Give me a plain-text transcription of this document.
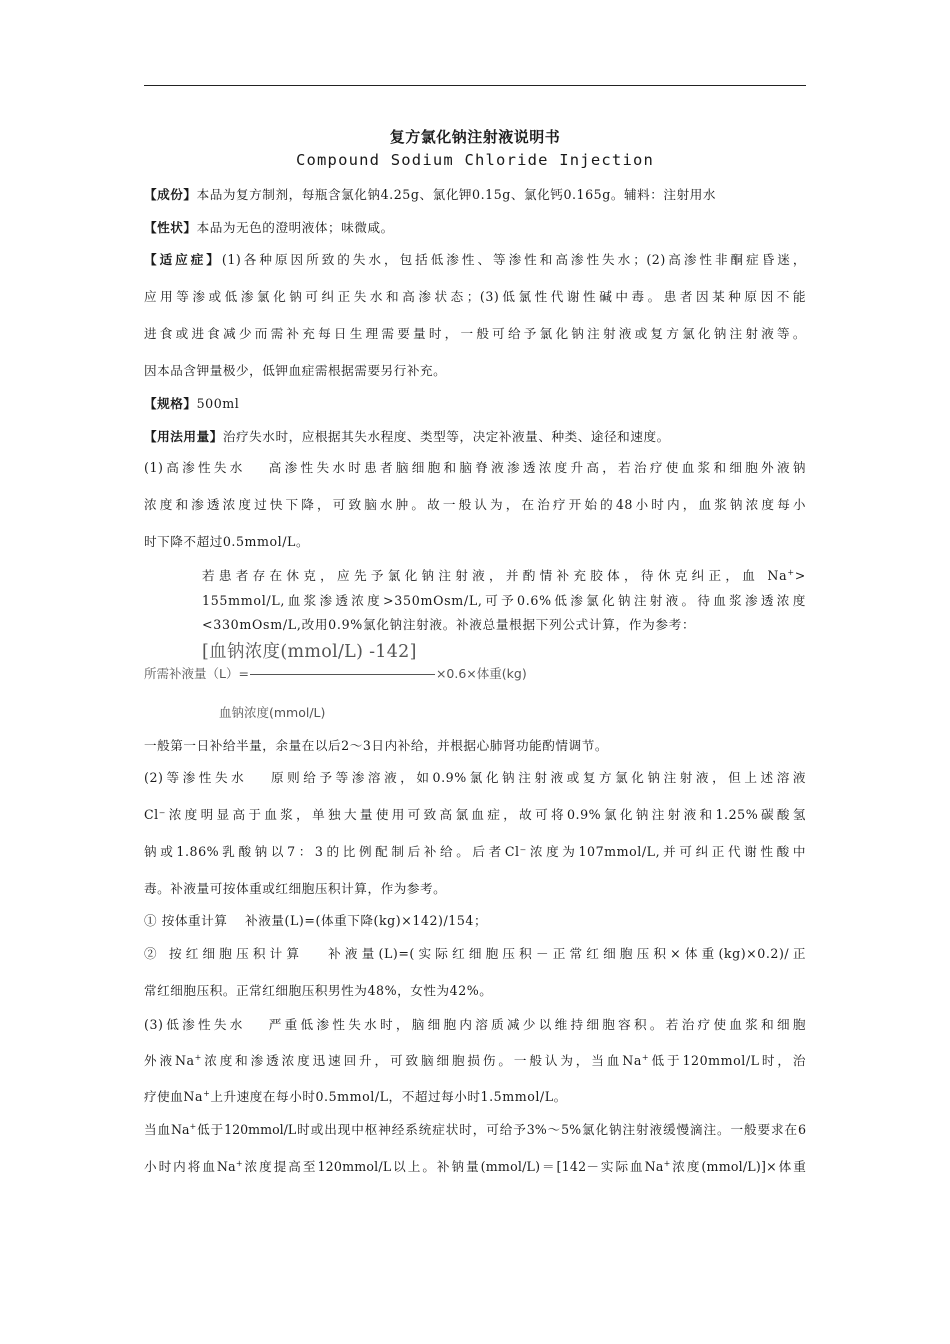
复方氯化钠注射液说明书
Compound Sodium Chloride Injection
【成份】本品为复方制剂，每瓶含氯化钠4.25g、氯化钾0.15g、氯化钙0.165g。辅料：注射用水
【性状】本品为无色的澄明液体；味微咸。
【适应症】(1)各种原因所致的失水，包括低渗性、等渗性和高渗性失水；(2)高渗性非酮症昏迷，
应用等渗或低渗氯化钠可纠正失水和高渗状态；(3)低氯性代谢性碱中毒。患者因某种原因不能
进食或进食减少而需补充每日生理需要量时，一般可给予氯化钠注射液或复方氯化钠注射液等。
因本品含钾量极少，低钾血症需根据需要另行补充。
【规格】500ml
【用法用量】治疗失水时，应根据其失水程度、类型等，决定补液量、种类、途径和速度。
(1)高渗性失水　 高渗性失水时患者脑细胞和脑脊液渗透浓度升高，若治疗使血浆和细胞外液钠
浓度和渗透浓度过快下降，可致脑水肿。故一般认为，在治疗开始的48小时内，血浆钠浓度每小
时下降不超过0.5mmol/L。
若患者存在休克，应先予氯化钠注射液，并酌情补充胶体，待休克纠正，血 Na+>
155mmol/L,血浆渗透浓度>350mOsm/L,可予0.6%低渗氯化钠注射液。待血浆渗透浓度
<330mOsm/L,改用0.9%氯化钠注射液。补液总量根据下列公式计算，作为参考：
[血钠浓度(mmol/L) -142]
所需补液量（L）=	×0.6×体重(kg)
血钠浓度(mmol/L)
一般第一日补给半量，余量在以后2～3日内补给，并根据心肺肾功能酌情调节。
(2)等渗性失水　 原则给予等渗溶液，如0.9%氯化钠注射液或复方氯化钠注射液，但上述溶液
Cl⁻浓度明显高于血浆，单独大量使用可致高氯血症，故可将0.9%氯化钠注射液和1.25%碳酸氢
钠或1.86%乳酸钠以7：3的比例配制后补给。后者Cl⁻浓度为107mmol/L,并可纠正代谢性酸中
毒。补液量可按体重或红细胞压积计算，作为参考。
① 按体重计算　 补液量(L)=(体重下降(kg)×142)/154；
② 按红细胞压积计算　 补液量(L)=(实际红细胞压积－正常红细胞压积×体重(kg)×0.2)/正
常红细胞压积。正常红细胞压积男性为48%，女性为42%。
(3)低渗性失水　 严重低渗性失水时，脑细胞内溶质减少以维持细胞容积。若治疗使血浆和细胞
外液Na+浓度和渗透浓度迅速回升，可致脑细胞损伤。一般认为，当血Na+低于120mmol/L时，治
疗使血Na+上升速度在每小时0.5mmol/L，不超过每小时1.5mmol/L。
当血Na+低于120mmol/L时或出现中枢神经系统症状时，可给予3%～5%氯化钠注射液缓慢滴注。一般要求在6
小时内将血Na+浓度提高至120mmol/L以上。补钠量(mmol/L)＝[142－实际血Na+浓度(mmol/L)]×体重
